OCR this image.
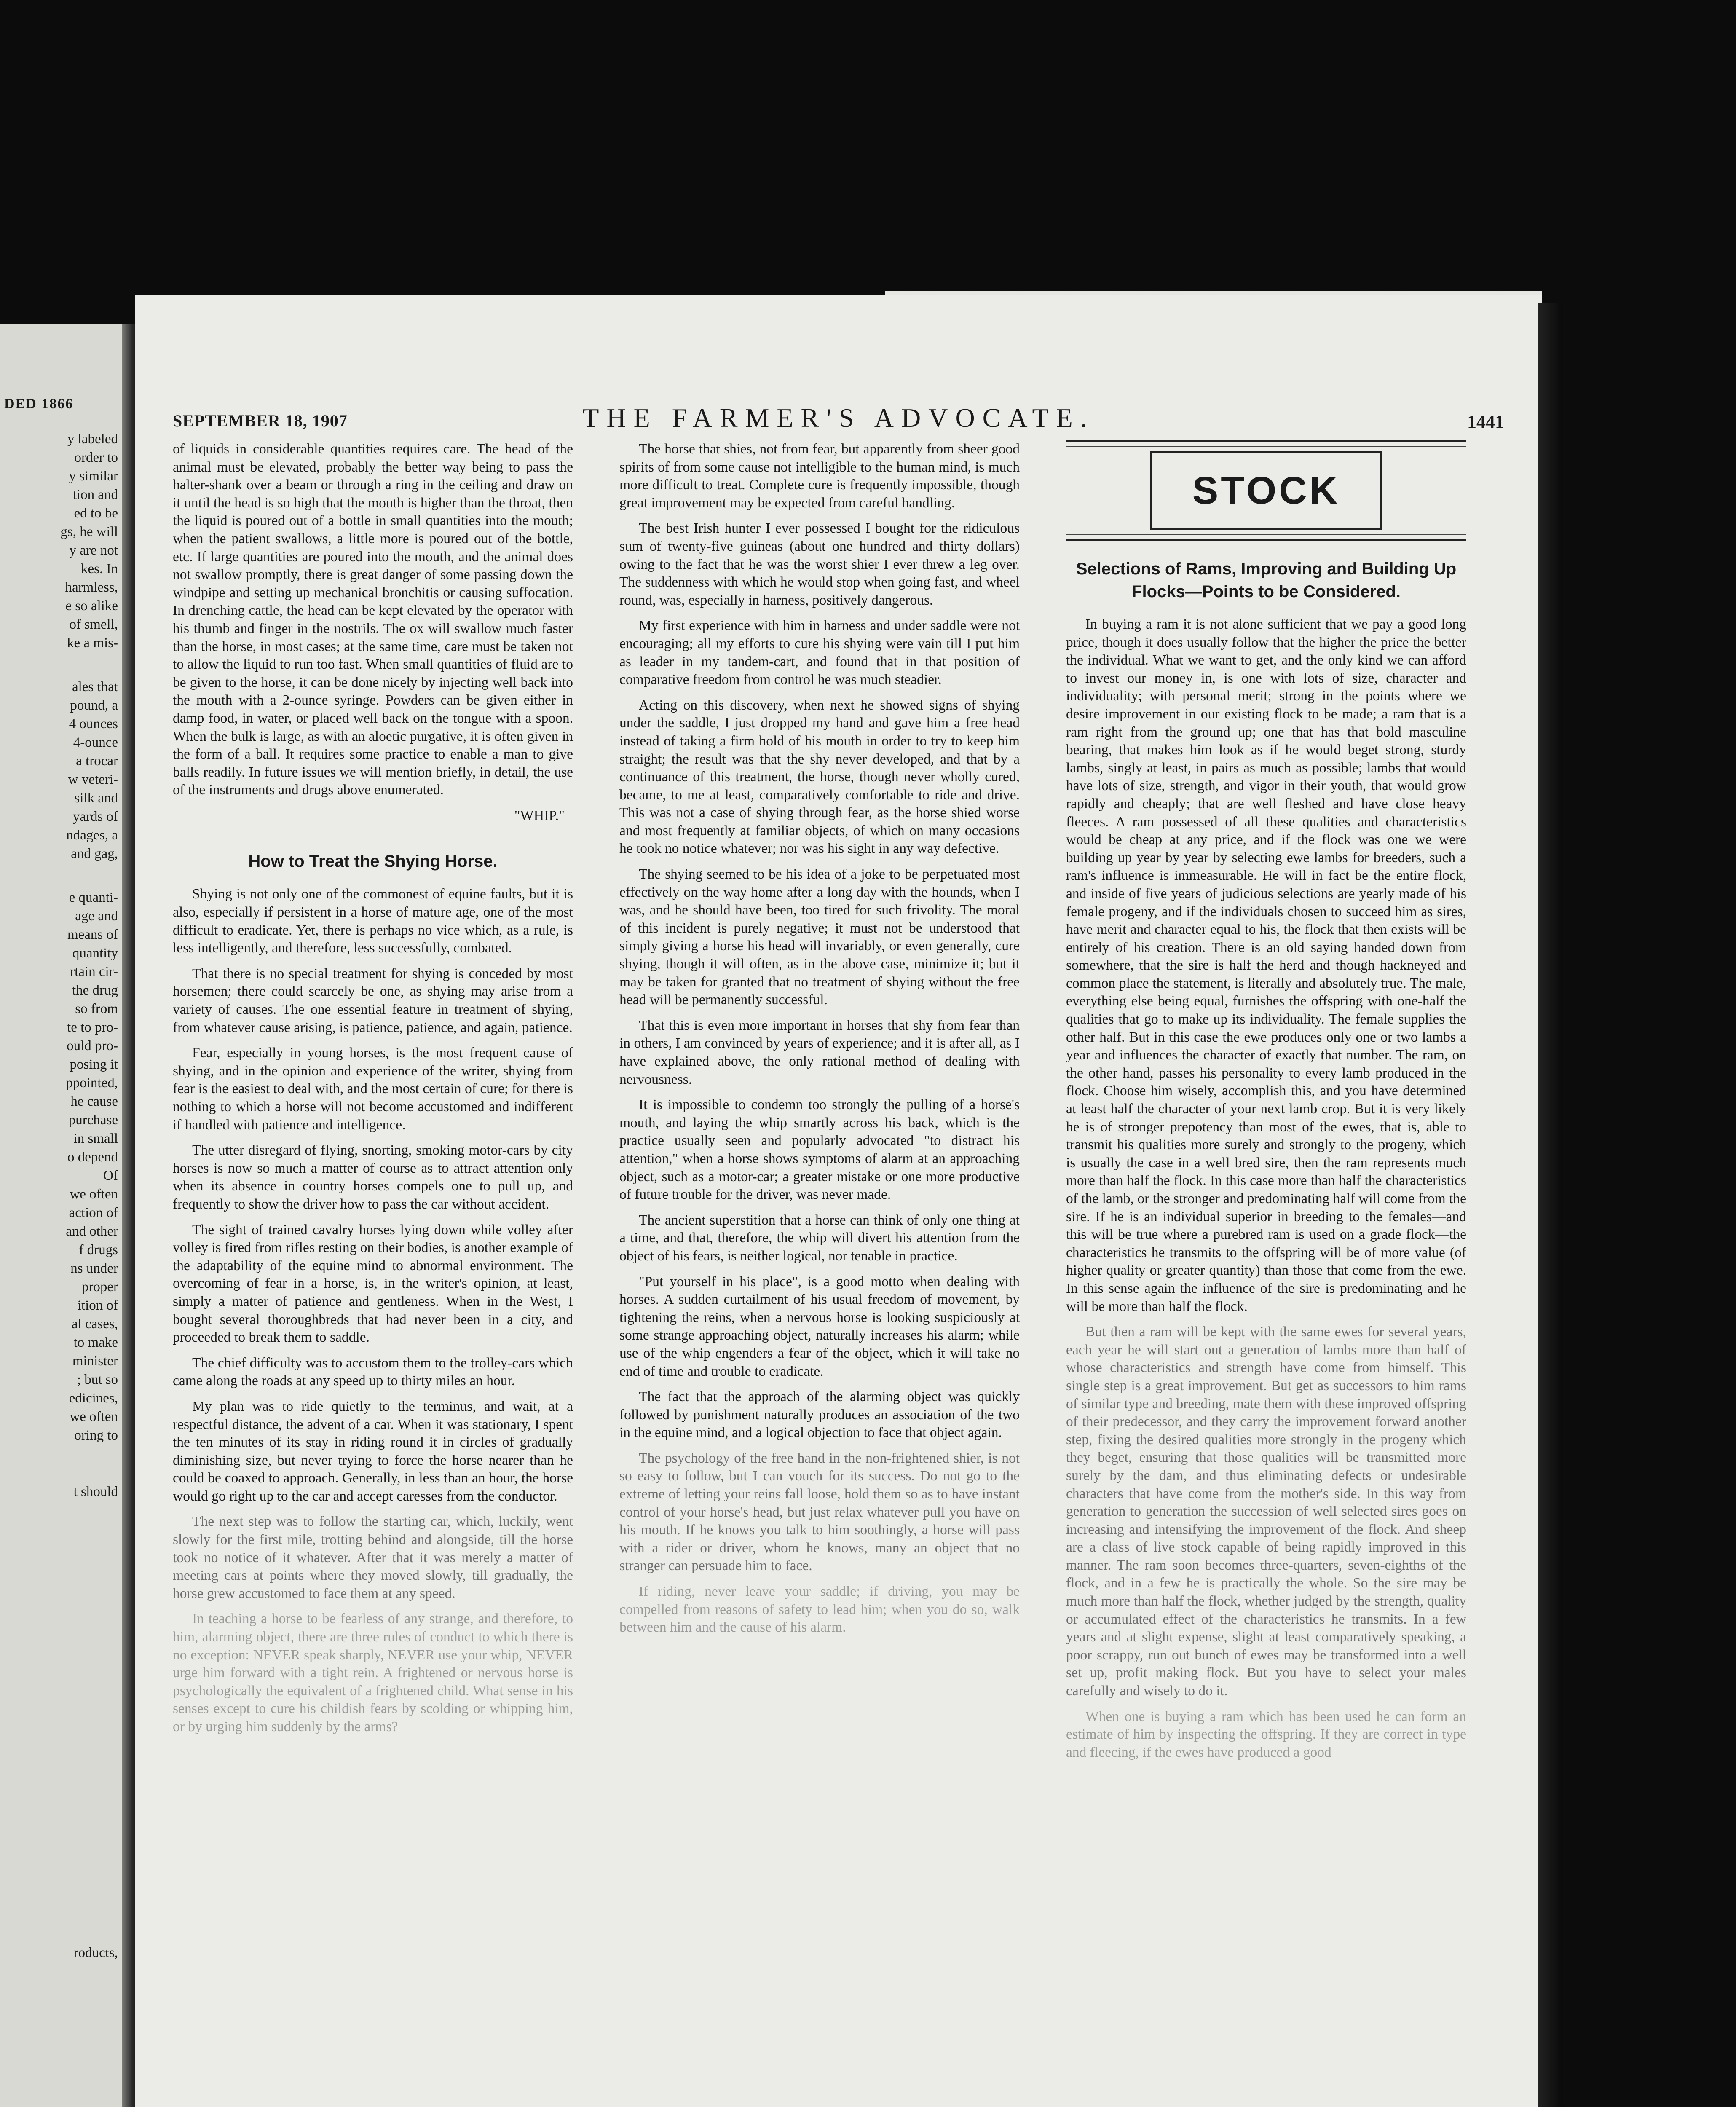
DED 1866

y labeled

order to

y similar

tion and

ed to be

gs, he will

y are not

kes. In

harmless,

e so alike

of smell,

ke a mis-

ales that

pound, a

4 ounces

4-ounce

a trocar

w veteri-

silk and

yards of

ndages, a

and gag,

e quanti-

age and

means of

quantity

rtain cir-

the drug

so from

te to pro-

ould pro-

posing it

ppointed,

he cause

purchase

in small

o depend

Of

we often

action of

and other

f drugs

ns under

proper

ition of

al cases,

to make

minister

; but so

edicines,

we often

oring to

t should

roducts,

SEPTEMBER 18, 1907	THE FARMER'S ADVOCATE.	1441

of liquids in considerable quantities requires care. The head of the animal must be elevated, probably the better way being to pass the halter-shank over a beam or through a ring in the ceiling and draw on it until the head is so high that the mouth is higher than the throat, then the liquid is poured out of a bottle in small quantities into the mouth; when the patient swallows, a little more is poured out of the bottle, etc. If large quantities are poured into the mouth, and the animal does not swallow promptly, there is great danger of some passing down the windpipe and setting up mechanical bronchitis or causing suffocation. In drenching cattle, the head can be kept elevated by the operator with his thumb and finger in the nostrils. The ox will swallow much faster than the horse, in most cases; at the same time, care must be taken not to allow the liquid to run too fast. When small quantities of fluid are to be given to the horse, it can be done nicely by injecting well back into the mouth with a 2-ounce syringe. Powders can be given either in damp food, in water, or placed well back on the tongue with a spoon. When the bulk is large, as with an aloetic purgative, it is often given in the form of a ball. It requires some practice to enable a man to give balls readily. In future issues we will mention briefly, in detail, the use of the instruments and drugs above enumerated.

"WHIP."
How to Treat the Shying Horse.

Shying is not only one of the commonest of equine faults, but it is also, especially if persistent in a horse of mature age, one of the most difficult to eradicate. Yet, there is perhaps no vice which, as a rule, is less intelligently, and therefore, less successfully, combated.

That there is no special treatment for shying is conceded by most horsemen; there could scarcely be one, as shying may arise from a variety of causes. The one essential feature in treatment of shying, from whatever cause arising, is patience, patience, and again, patience.

Fear, especially in young horses, is the most frequent cause of shying, and in the opinion and experience of the writer, shying from fear is the easiest to deal with, and the most certain of cure; for there is nothing to which a horse will not become accustomed and indifferent if handled with patience and intelligence.

The utter disregard of flying, snorting, smoking motor-cars by city horses is now so much a matter of course as to attract attention only when its absence in country horses compels one to pull up, and frequently to show the driver how to pass the car without accident.

The sight of trained cavalry horses lying down while volley after volley is fired from rifles resting on their bodies, is another example of the adaptability of the equine mind to abnormal environment. The overcoming of fear in a horse, is, in the writer's opinion, at least, simply a matter of patience and gentleness. When in the West, I bought several thoroughbreds that had never been in a city, and proceeded to break them to saddle.

The chief difficulty was to accustom them to the trolley-cars which came along the roads at any speed up to thirty miles an hour.

My plan was to ride quietly to the terminus, and wait, at a respectful distance, the advent of a car. When it was stationary, I spent the ten minutes of its stay in riding round it in circles of gradually diminishing size, but never trying to force the horse nearer than he could be coaxed to approach. Generally, in less than an hour, the horse would go right up to the car and accept caresses from the conductor.

The next step was to follow the starting car, which, luckily, went slowly for the first mile, trotting behind and alongside, till the horse took no notice of it whatever. After that it was merely a matter of meeting cars at points where they moved slowly, till gradually, the horse grew accustomed to face them at any speed.

In teaching a horse to be fearless of any strange, and therefore, to him, alarming object, there are three rules of conduct to which there is no exception: NEVER speak sharply, NEVER use your whip, NEVER urge him forward with a tight rein. A frightened or nervous horse is psychologically the equivalent of a frightened child. What sense in his senses except to cure his childish fears by scolding or whipping him, or by urging him suddenly by the arms?

The horse that shies, not from fear, but apparently from sheer good spirits of from some cause not intelligible to the human mind, is much more difficult to treat. Complete cure is frequently impossible, though great improvement may be expected from careful handling.

The best Irish hunter I ever possessed I bought for the ridiculous sum of twenty-five guineas (about one hundred and thirty dollars) owing to the fact that he was the worst shier I ever threw a leg over. The suddenness with which he would stop when going fast, and wheel round, was, especially in harness, positively dangerous.

My first experience with him in harness and under saddle were not encouraging; all my efforts to cure his shying were vain till I put him as leader in my tandem-cart, and found that in that position of comparative freedom from control he was much steadier.

Acting on this discovery, when next he showed signs of shying under the saddle, I just dropped my hand and gave him a free head instead of taking a firm hold of his mouth in order to try to keep him straight; the result was that the shy never developed, and that by a continuance of this treatment, the horse, though never wholly cured, became, to me at least, comparatively comfortable to ride and drive. This was not a case of shying through fear, as the horse shied worse and most frequently at familiar objects, of which on many occasions he took no notice whatever; nor was his sight in any way defective.

The shying seemed to be his idea of a joke to be perpetuated most effectively on the way home after a long day with the hounds, when I was, and he should have been, too tired for such frivolity. The moral of this incident is purely negative; it must not be understood that simply giving a horse his head will invariably, or even generally, cure shying, though it will often, as in the above case, minimize it; but it may be taken for granted that no treatment of shying without the free head will be permanently successful.

That this is even more important in horses that shy from fear than in others, I am convinced by years of experience; and it is after all, as I have explained above, the only rational method of dealing with nervousness.

It is impossible to condemn too strongly the pulling of a horse's mouth, and laying the whip smartly across his back, which is the practice usually seen and popularly advocated "to distract his attention," when a horse shows symptoms of alarm at an approaching object, such as a motor-car; a greater mistake or one more productive of future trouble for the driver, was never made.

The ancient superstition that a horse can think of only one thing at a time, and that, therefore, the whip will divert his attention from the object of his fears, is neither logical, nor tenable in practice.

"Put yourself in his place", is a good motto when dealing with horses. A sudden curtailment of his usual freedom of movement, by tightening the reins, when a nervous horse is looking suspiciously at some strange approaching object, naturally increases his alarm; while use of the whip engenders a fear of the object, which it will take no end of time and trouble to eradicate.

The fact that the approach of the alarming object was quickly followed by punishment naturally produces an association of the two in the equine mind, and a logical objection to face that object again.

The psychology of the free hand in the non-frightened shier, is not so easy to follow, but I can vouch for its success. Do not go to the extreme of letting your reins fall loose, hold them so as to have instant control of your horse's head, but just relax whatever pull you have on his mouth. If he knows you talk to him soothingly, a horse will pass with a rider or driver, whom he knows, many an object that no stranger can persuade him to face.

If riding, never leave your saddle; if driving, you may be compelled from reasons of safety to lead him; when you do so, walk between him and the cause of his alarm.

STOCK
Selections of Rams, Improving and Building Up Flocks—Points to be Considered.

In buying a ram it is not alone sufficient that we pay a good long price, though it does usually follow that the higher the price the better the individual. What we want to get, and the only kind we can afford to invest our money in, is one with lots of size, character and individuality; with personal merit; strong in the points where we desire improvement in our existing flock to be made; a ram that is a ram right from the ground up; one that has that bold masculine bearing, that makes him look as if he would beget strong, sturdy lambs, singly at least, in pairs as much as possible; lambs that would have lots of size, strength, and vigor in their youth, that would grow rapidly and cheaply; that are well fleshed and have close heavy fleeces. A ram possessed of all these qualities and characteristics would be cheap at any price, and if the flock was one we were building up year by year by selecting ewe lambs for breeders, such a ram's influence is immeasurable. He will in fact be the entire flock, and inside of five years of judicious selections are yearly made of his female progeny, and if the individuals chosen to succeed him as sires, have merit and character equal to his, the flock that then exists will be entirely of his creation. There is an old saying handed down from somewhere, that the sire is half the herd and though hackneyed and common place the statement, is literally and absolutely true. The male, everything else being equal, furnishes the offspring with one-half the qualities that go to make up its individuality. The female supplies the other half. But in this case the ewe produces only one or two lambs a year and influences the character of exactly that number. The ram, on the other hand, passes his personality to every lamb produced in the flock. Choose him wisely, accomplish this, and you have determined at least half the character of your next lamb crop. But it is very likely he is of stronger prepotency than most of the ewes, that is, able to transmit his qualities more surely and strongly to the progeny, which is usually the case in a well bred sire, then the ram represents much more than half the flock. In this case more than half the characteristics of the lamb, or the stronger and predominating half will come from the sire. If he is an individual superior in breeding to the females—and this will be true where a purebred ram is used on a grade flock—the characteristics he transmits to the offspring will be of more value (of higher quality or greater quantity) than those that come from the ewe. In this sense again the influence of the sire is predominating and he will be more than half the flock.

But then a ram will be kept with the same ewes for several years, each year he will start out a generation of lambs more than half of whose characteristics and strength have come from himself. This single step is a great improvement. But get as successors to him rams of similar type and breeding, mate them with these improved offspring of their predecessor, and they carry the improvement forward another step, fixing the desired qualities more strongly in the progeny which they beget, ensuring that those qualities will be transmitted more surely by the dam, and thus eliminating defects or undesirable characters that have come from the mother's side. In this way from generation to generation the succession of well selected sires goes on increasing and intensifying the improvement of the flock. And sheep are a class of live stock capable of being rapidly improved in this manner. The ram soon becomes three-quarters, seven-eighths of the flock, and in a few he is practically the whole. So the sire may be much more than half the flock, whether judged by the strength, quality or accumulated effect of the characteristics he transmits. In a few years and at slight expense, slight at least comparatively speaking, a poor scrappy, run out bunch of ewes may be transformed into a well set up, profit making flock. But you have to select your males carefully and wisely to do it.

When one is buying a ram which has been used he can form an estimate of him by inspecting the offspring. If they are correct in type and fleecing, if the ewes have produced a good
